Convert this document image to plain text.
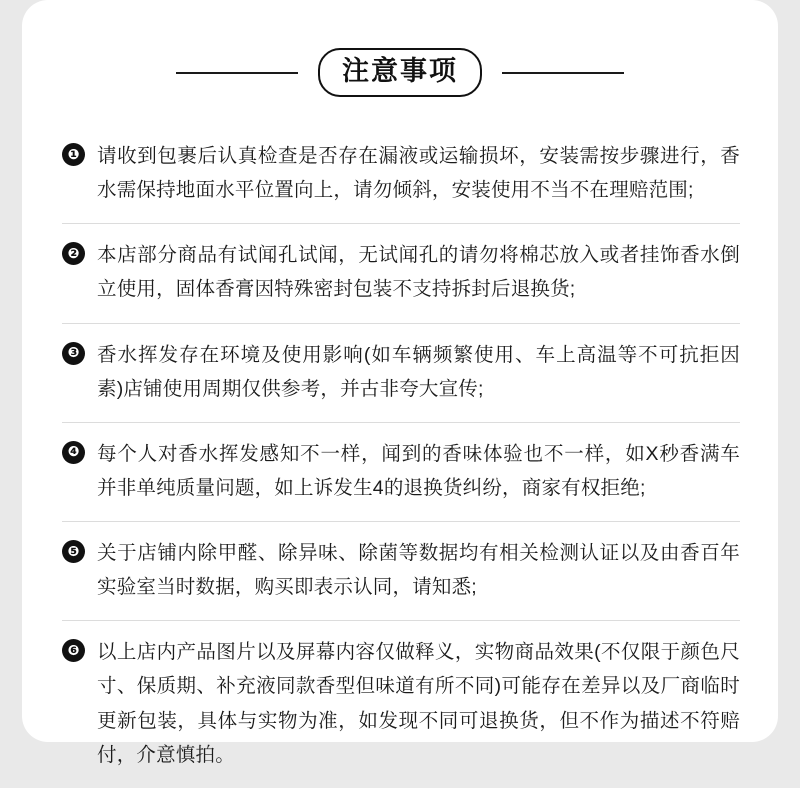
注意事项
❶ 请收到包裹后认真检查是否存在漏液或运输损坏，安装需按步骤进行，香水需保持地面水平位置向上，请勿倾斜，安装使用不当不在理赔范围;
❷ 本店部分商品有试闻孔试闻，无试闻孔的请勿将棉芯放入或者挂饰香水倒立使用，固体香膏因特殊密封包装不支持拆封后退换货;
❸ 香水挥发存在环境及使用影响(如车辆频繁使用、车上高温等不可抗拒因素)店铺使用周期仅供参考，并古非夸大宣传;
❹ 每个人对香水挥发感知不一样，闻到的香味体验也不一样，如X秒香满车并非单纯质量问题，如上诉发生4的退换货纠纷，商家有权拒绝;
❺ 关于店铺内除甲醛、除异味、除菌等数据均有相关检测认证以及由香百年实验室当时数据，购买即表示认同，请知悉;
❻ 以上店内产品图片以及屏幕内容仅做释义，实物商品效果(不仅限于颜色尺寸、保质期、补充液同款香型但味道有所不同)可能存在差异以及厂商临时更新包装，具体与实物为准，如发现不同可退换货，但不作为描述不符赔付，介意慎拍。
